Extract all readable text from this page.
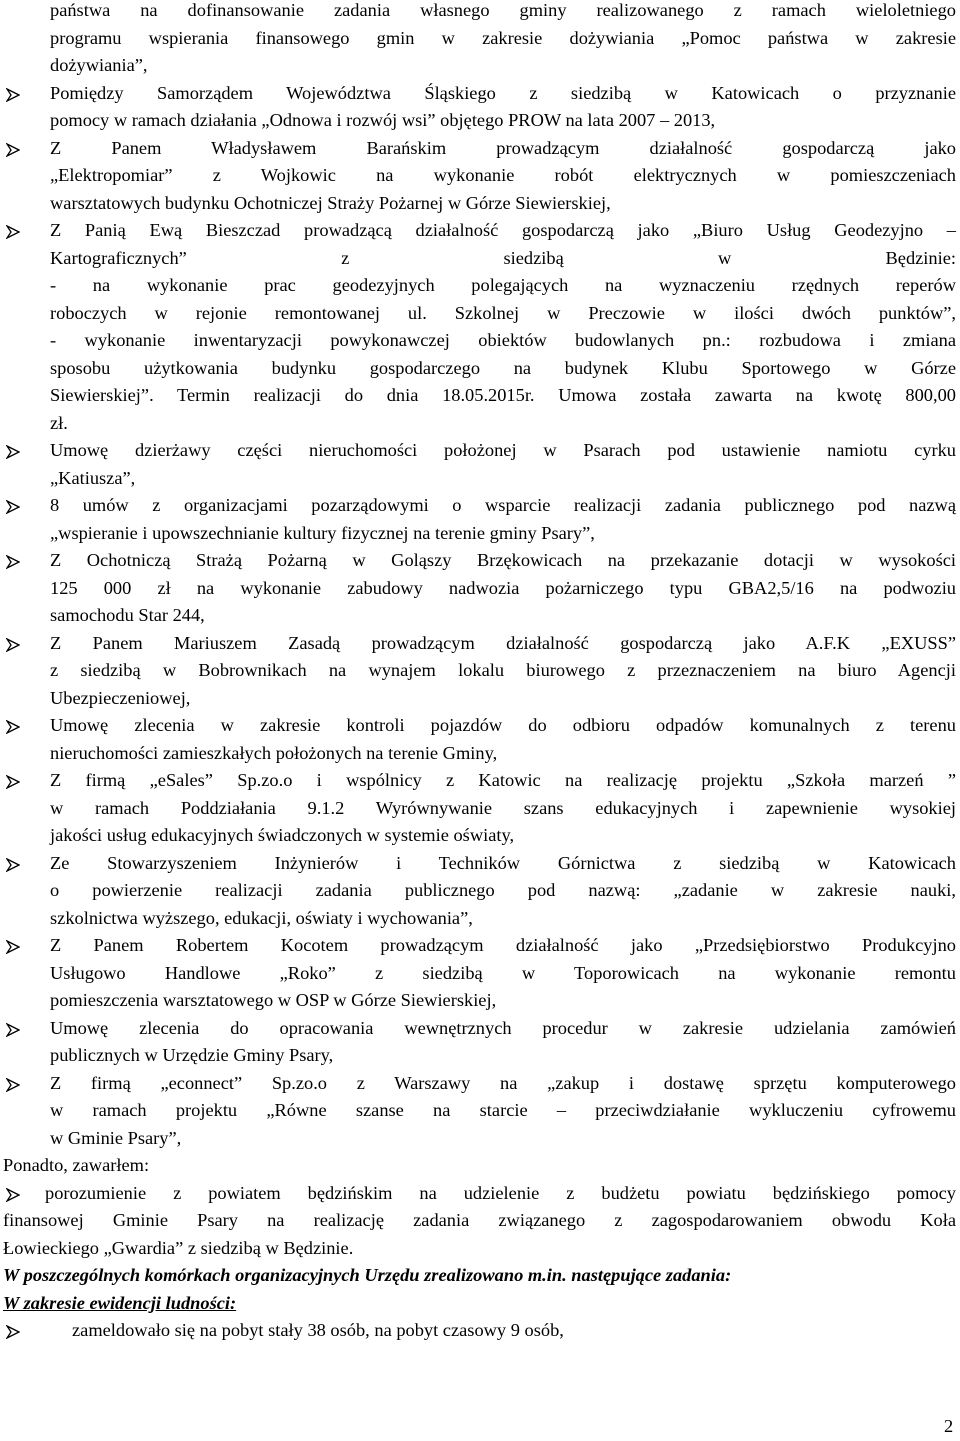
państwa na dofinansowanie zadania własnego gminy realizowanego z ramach wieloletniego
programu wspierania finansowego gmin w zakresie dożywiania „Pomoc państwa w zakresie
dożywiania”,
Pomiędzy Samorządem Województwa Śląskiego z siedzibą w Katowicach o przyznanie
pomocy w ramach działania „Odnowa i rozwój wsi” objętego PROW na lata 2007 – 2013,
Z Panem Władysławem Barańskim prowadzącym działalność gospodarczą jako
„Elektropomiar” z Wojkowic na wykonanie robót elektrycznych w pomieszczeniach
warsztatowych budynku Ochotniczej Straży Pożarnej w Górze Siewierskiej,
Z Panią Ewą Bieszczad prowadzącą działalność gospodarczą jako „Biuro Usług Geodezyjno –
Kartograficznych” z siedzibą w Będzinie:
- na wykonanie prac geodezyjnych polegających na wyznaczeniu rzędnych reperów
roboczych w rejonie remontowanej ul. Szkolnej w Preczowie w ilości dwóch punktów”,
- wykonanie inwentaryzacji powykonawczej obiektów budowlanych pn.: rozbudowa i zmiana
sposobu użytkowania budynku gospodarczego na budynek Klubu Sportowego w Górze
Siewierskiej”. Termin realizacji do dnia 18.05.2015r. Umowa została zawarta na kwotę 800,00
zł.
Umowę dzierżawy części nieruchomości położonej w Psarach pod ustawienie namiotu cyrku
„Katiusza”,
8 umów z organizacjami pozarządowymi o wsparcie realizacji zadania publicznego pod nazwą
„wspieranie i upowszechnianie kultury fizycznej na terenie gminy Psary”,
Z Ochotniczą Strażą Pożarną w Goląszy Brzękowicach na przekazanie dotacji w wysokości
125 000 zł na wykonanie zabudowy nadwozia pożarniczego typu GBA2,5/16 na podwoziu
samochodu Star 244,
Z Panem Mariuszem Zasadą prowadzącym działalność gospodarczą jako A.F.K „EXUSS”
z siedzibą w Bobrownikach na wynajem lokalu biurowego z przeznaczeniem na biuro Agencji
Ubezpieczeniowej,
Umowę zlecenia w zakresie kontroli pojazdów do odbioru odpadów komunalnych z terenu
nieruchomości zamieszkałych położonych na terenie Gminy,
Z firmą „eSales” Sp.zo.o i wspólnicy z Katowic na realizację projektu „Szkoła marzeń ”
w ramach Poddziałania 9.1.2 Wyrównywanie szans edukacyjnych i zapewnienie wysokiej
jakości usług edukacyjnych świadczonych w systemie oświaty,
Ze Stowarzyszeniem Inżynierów i Techników Górnictwa z siedzibą w Katowicach
o powierzenie realizacji zadania publicznego pod nazwą: „zadanie w zakresie nauki,
szkolnictwa wyższego, edukacji, oświaty i wychowania”,
Z Panem Robertem Kocotem prowadzącym działalność jako „Przedsiębiorstwo Produkcyjno
Usługowo Handlowe „Roko” z siedzibą w Toporowicach na wykonanie remontu
pomieszczenia warsztatowego w OSP w Górze Siewierskiej,
Umowę zlecenia do opracowania wewnętrznych procedur w zakresie udzielania zamówień
publicznych w Urzędzie Gminy Psary,
Z firmą „econnect” Sp.zo.o z Warszawy na „zakup i dostawę sprzętu komputerowego
w ramach projektu „Równe szanse na starcie – przeciwdziałanie wykluczeniu cyfrowemu
w Gminie Psary”,

Ponadto, zawarłem:

porozumienie z powiatem będzińskim na udzielenie z budżetu powiatu będzińskiego pomocy
finansowej Gminie Psary na realizację zadania związanego z zagospodarowaniem obwodu Koła
Łowieckiego „Gwardia” z siedzibą w Będzinie.

W poszczególnych komórkach organizacyjnych Urzędu zrealizowano m.in. następujące zadania:

W zakresie ewidencji ludności:

zameldowało się na pobyt stały 38 osób, na pobyt czasowy 9 osób,
2
